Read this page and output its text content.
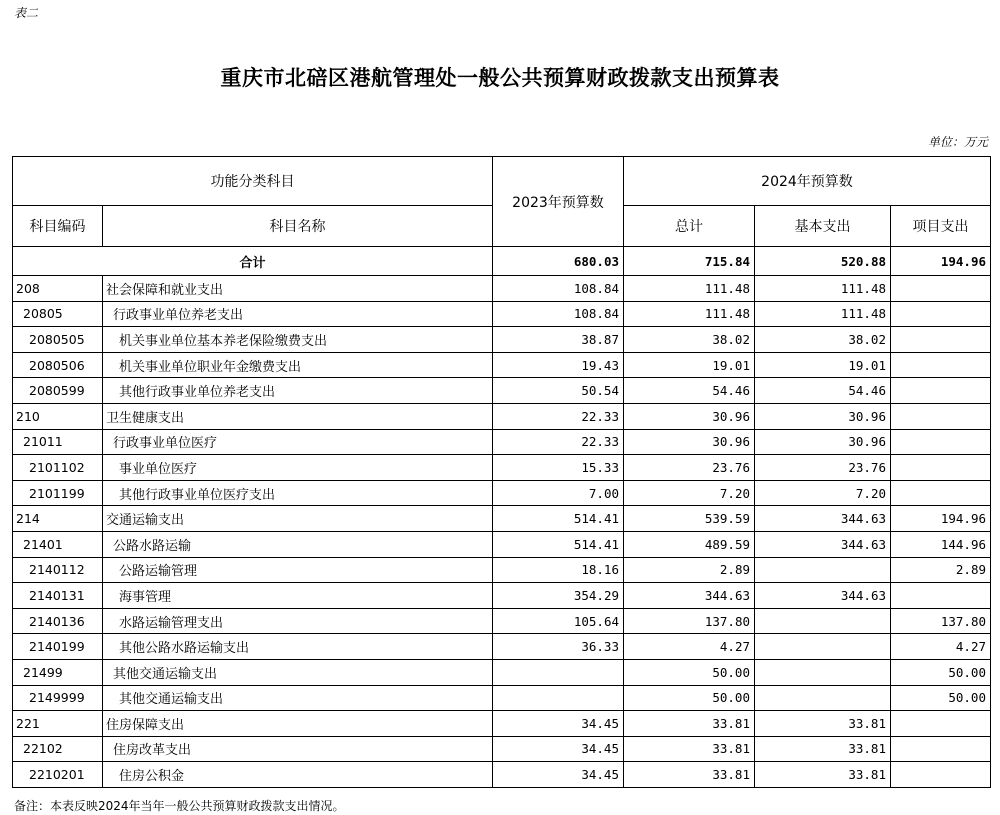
表二
重庆市北碚区港航管理处一般公共预算财政拨款支出预算表
单位：万元
功能分类科目		2023年预算数	2024年预算数		
科目编码	科目名称		总计	基本支出	项目支出
合计		680.03	715.84	520.88	194.96
208	社会保障和就业支出	108.84	111.48	111.48	
20805	行政事业单位养老支出	108.84	111.48	111.48	
2080505	机关事业单位基本养老保险缴费支出	38.87	38.02	38.02	
2080506	机关事业单位职业年金缴费支出	19.43	19.01	19.01	
2080599	其他行政事业单位养老支出	50.54	54.46	54.46	
210	卫生健康支出	22.33	30.96	30.96	
21011	行政事业单位医疗	22.33	30.96	30.96	
2101102	事业单位医疗	15.33	23.76	23.76	
2101199	其他行政事业单位医疗支出	7.00	7.20	7.20	
214	交通运输支出	514.41	539.59	344.63	194.96
21401	公路水路运输	514.41	489.59	344.63	144.96
2140112	公路运输管理	18.16	2.89		2.89
2140131	海事管理	354.29	344.63	344.63	
2140136	水路运输管理支出	105.64	137.80		137.80
2140199	其他公路水路运输支出	36.33	4.27		4.27
21499	其他交通运输支出		50.00		50.00
2149999	其他交通运输支出		50.00		50.00
221	住房保障支出	34.45	33.81	33.81	
22102	住房改革支出	34.45	33.81	33.81	
2210201	住房公积金	34.45	33.81	33.81	
备注：本表反映2024年当年一般公共预算财政拨款支出情况。
